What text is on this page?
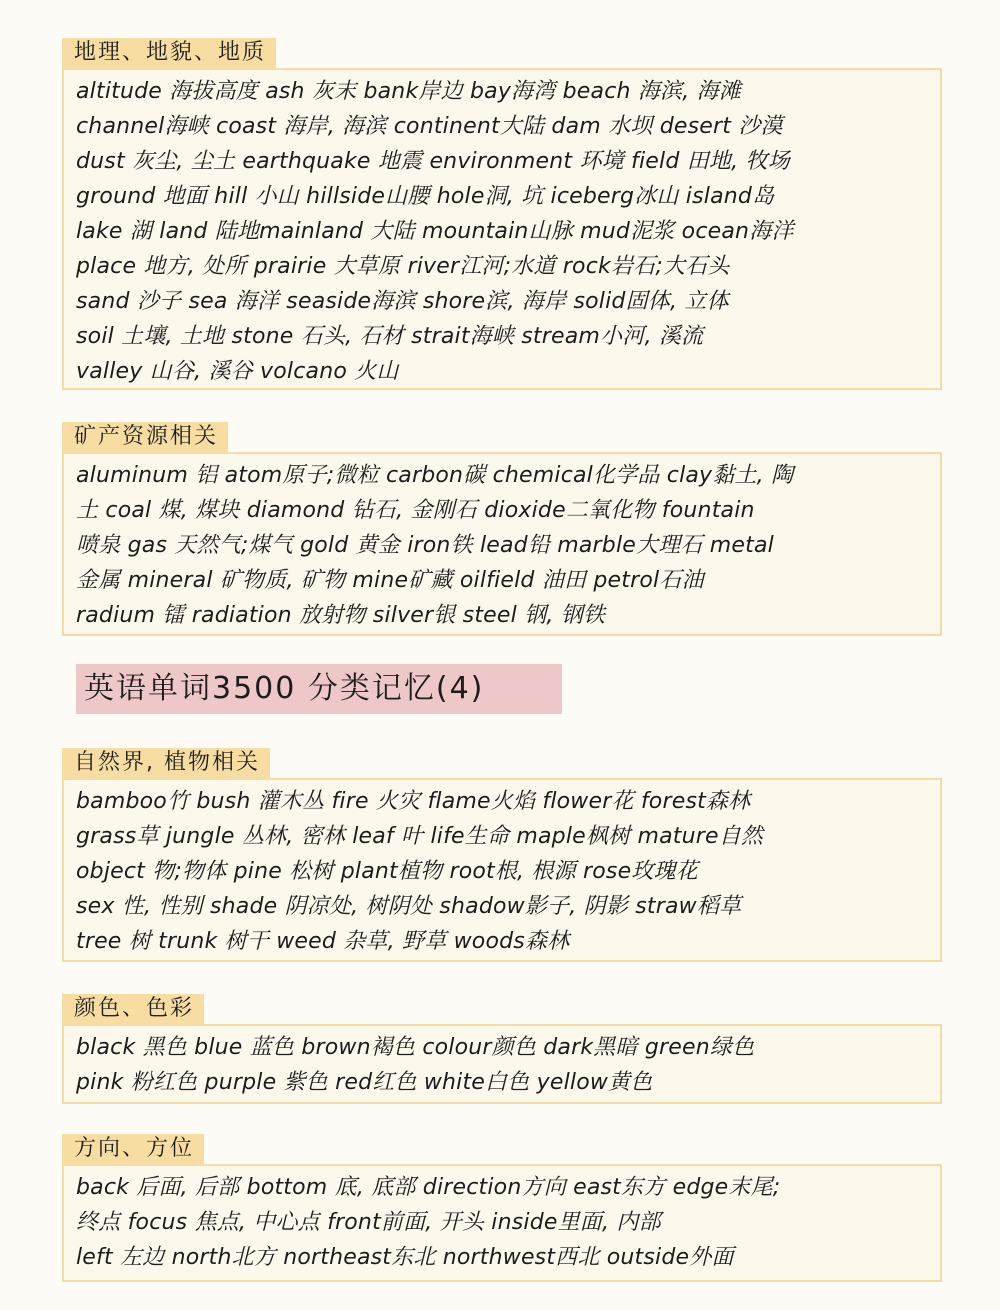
地理、地貌、地质
altitude 海拔高度 ash 灰末 bank岸边 bay海湾 beach 海滨, 海滩
channel海峡 coast 海岸, 海滨 continent大陆 dam 水坝 desert 沙漠
dust 灰尘, 尘土 earthquake 地震 environment 环境 field 田地, 牧场
ground 地面 hill 小山 hillside山腰 hole洞, 坑 iceberg冰山 island岛
lake 湖 land 陆地mainland 大陆 mountain山脉 mud泥浆 ocean海洋
place 地方, 处所 prairie 大草原 river江河;水道 rock岩石;大石头
sand 沙子 sea 海洋 seaside海滨 shore滨, 海岸 solid固体, 立体
soil 土壤, 土地 stone 石头, 石材 strait海峡 stream小河, 溪流
valley 山谷, 溪谷 volcano 火山
矿产资源相关
aluminum 铝 atom原子;微粒 carbon碳 chemical化学品 clay黏土, 陶
土 coal 煤, 煤块 diamond 钻石, 金刚石 dioxide二氧化物 fountain
喷泉 gas 天然气;煤气 gold 黄金 iron铁 lead铅 marble大理石 metal
金属 mineral 矿物质, 矿物 mine矿藏 oilfield 油田 petrol石油
radium 镭 radiation 放射物 silver银 steel 钢, 钢铁
英语单词3500 分类记忆(4)
自然界, 植物相关
bamboo竹 bush 灌木丛 fire 火灾 flame火焰 flower花 forest森林
grass草 jungle 丛林, 密林 leaf 叶 life生命 maple枫树 mature自然
object 物;物体 pine 松树 plant植物 root根, 根源 rose玫瑰花
sex 性, 性别 shade 阴凉处, 树阴处 shadow影子, 阴影 straw稻草
tree 树 trunk 树干 weed 杂草, 野草 woods森林
颜色、色彩
black 黑色 blue 蓝色 brown褐色 colour颜色 dark黑暗 green绿色
pink 粉红色 purple 紫色 red红色 white白色 yellow黄色
方向、方位
back 后面, 后部 bottom 底, 底部 direction方向 east东方 edge末尾;
终点 focus 焦点, 中心点 front前面, 开头 inside里面, 内部
left 左边 north北方 northeast东北 northwest西北 outside外面
